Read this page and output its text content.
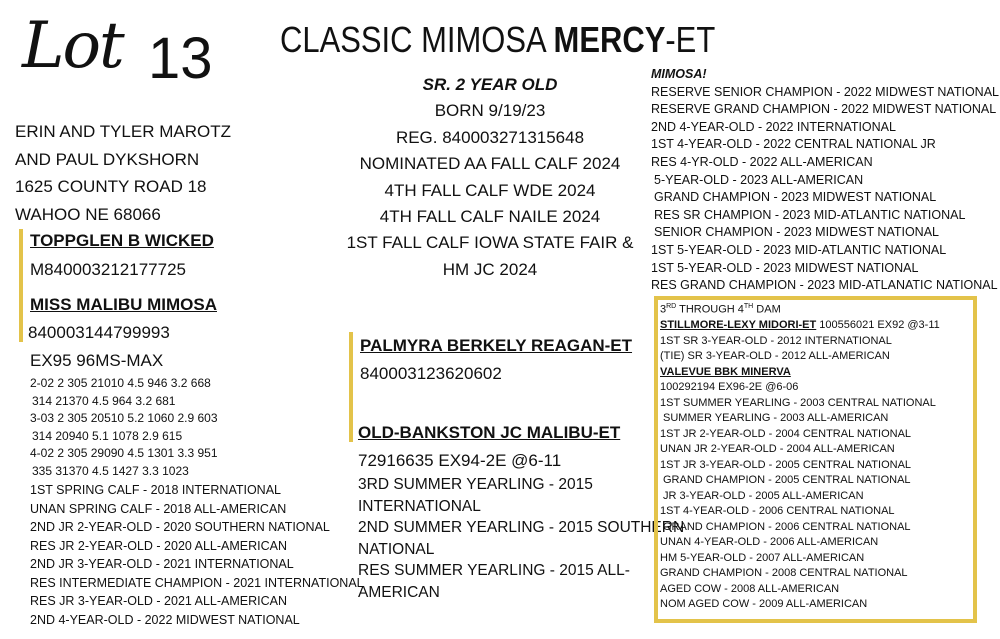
Lot 13 CLASSIC MIMOSA MERCY-ET
ERIN AND TYLER MAROTZ
AND PAUL DYKSHORN
1625 COUNTY ROAD 18
WAHOO NE 68066
TOPPGLEN B WICKED
M840003212177725
MISS MALIBU MIMOSA
840003144799993
EX95 96MS-MAX
2-02 2 305 21010 4.5 946 3.2 668
314 21370 4.5 964 3.2 681
3-03 2 305 20510 5.2 1060 2.9 603
314 20940 5.1 1078 2.9 615
4-02 2 305 29090 4.5 1301 3.3 951
335 31370 4.5 1427 3.3 1023
1ST SPRING CALF - 2018 INTERNATIONAL
UNAN SPRING CALF - 2018 ALL-AMERICAN
2ND JR 2-YEAR-OLD - 2020 SOUTHERN NATIONAL
RES JR 2-YEAR-OLD - 2020 ALL-AMERICAN
2ND JR 3-YEAR-OLD - 2021 INTERNATIONAL
RES INTERMEDIATE CHAMPION - 2021 INTERNATIONAL
RES JR 3-YEAR-OLD - 2021 ALL-AMERICAN
2ND 4-YEAR-OLD - 2022 MIDWEST NATIONAL
SR. 2 YEAR OLD
BORN 9/19/23
REG. 840003271315648
NOMINATED AA FALL CALF 2024
4TH FALL CALF WDE 2024
4TH FALL CALF NAILE 2024
1ST FALL CALF IOWA STATE FAIR &
HM JC 2024
PALMYRA BERKELY REAGAN-ET
840003123620602
OLD-BANKSTON JC MALIBU-ET
72916635 EX94-2E @6-11
3RD SUMMER YEARLING - 2015
INTERNATIONAL
2ND SUMMER YEARLING - 2015 SOUTHERN
NATIONAL
RES SUMMER YEARLING - 2015 ALL-
AMERICAN
MIMOSA!
RESERVE SENIOR CHAMPION - 2022 MIDWEST NATIONAL
RESERVE GRAND CHAMPION - 2022 MIDWEST NATIONAL
2ND 4-YEAR-OLD - 2022 INTERNATIONAL
1ST 4-YEAR-OLD - 2022 CENTRAL NATIONAL JR
RES 4-YR-OLD - 2022 ALL-AMERICAN
5-YEAR-OLD - 2023 ALL-AMERICAN
GRAND CHAMPION - 2023 MIDWEST NATIONAL
RES SR CHAMPION - 2023 MID-ATLANTIC NATIONAL
SENIOR CHAMPION - 2023 MIDWEST NATIONAL
1ST 5-YEAR-OLD - 2023 MID-ATLANTIC NATIONAL
1ST 5-YEAR-OLD - 2023 MIDWEST NATIONAL
RES GRAND CHAMPION - 2023 MID-ATLANATIC NATIONAL
3RD THROUGH 4TH DAM
STILLMORE-LEXY MIDORI-ET 100556021 EX92 @3-11
1ST SR 3-YEAR-OLD - 2012 INTERNATIONAL
(TIE) SR 3-YEAR-OLD - 2012 ALL-AMERICAN
VALEVUE BBK MINERVA
100292194 EX96-2E @6-06
1ST SUMMER YEARLING - 2003 CENTRAL NATIONAL
SUMMER YEARLING - 2003 ALL-AMERICAN
1ST JR 2-YEAR-OLD - 2004 CENTRAL NATIONAL
UNAN JR 2-YEAR-OLD - 2004 ALL-AMERICAN
1ST JR 3-YEAR-OLD - 2005 CENTRAL NATIONAL
GRAND CHAMPION - 2005 CENTRAL NATIONAL
JR 3-YEAR-OLD - 2005 ALL-AMERICAN
1ST 4-YEAR-OLD - 2006 CENTRAL NATIONAL
GRAND CHAMPION - 2006 CENTRAL NATIONAL
UNAN 4-YEAR-OLD - 2006 ALL-AMERICAN
HM 5-YEAR-OLD - 2007 ALL-AMERICAN
GRAND CHAMPION - 2008 CENTRAL NATIONAL
AGED COW - 2008 ALL-AMERICAN
NOM AGED COW - 2009 ALL-AMERICAN
